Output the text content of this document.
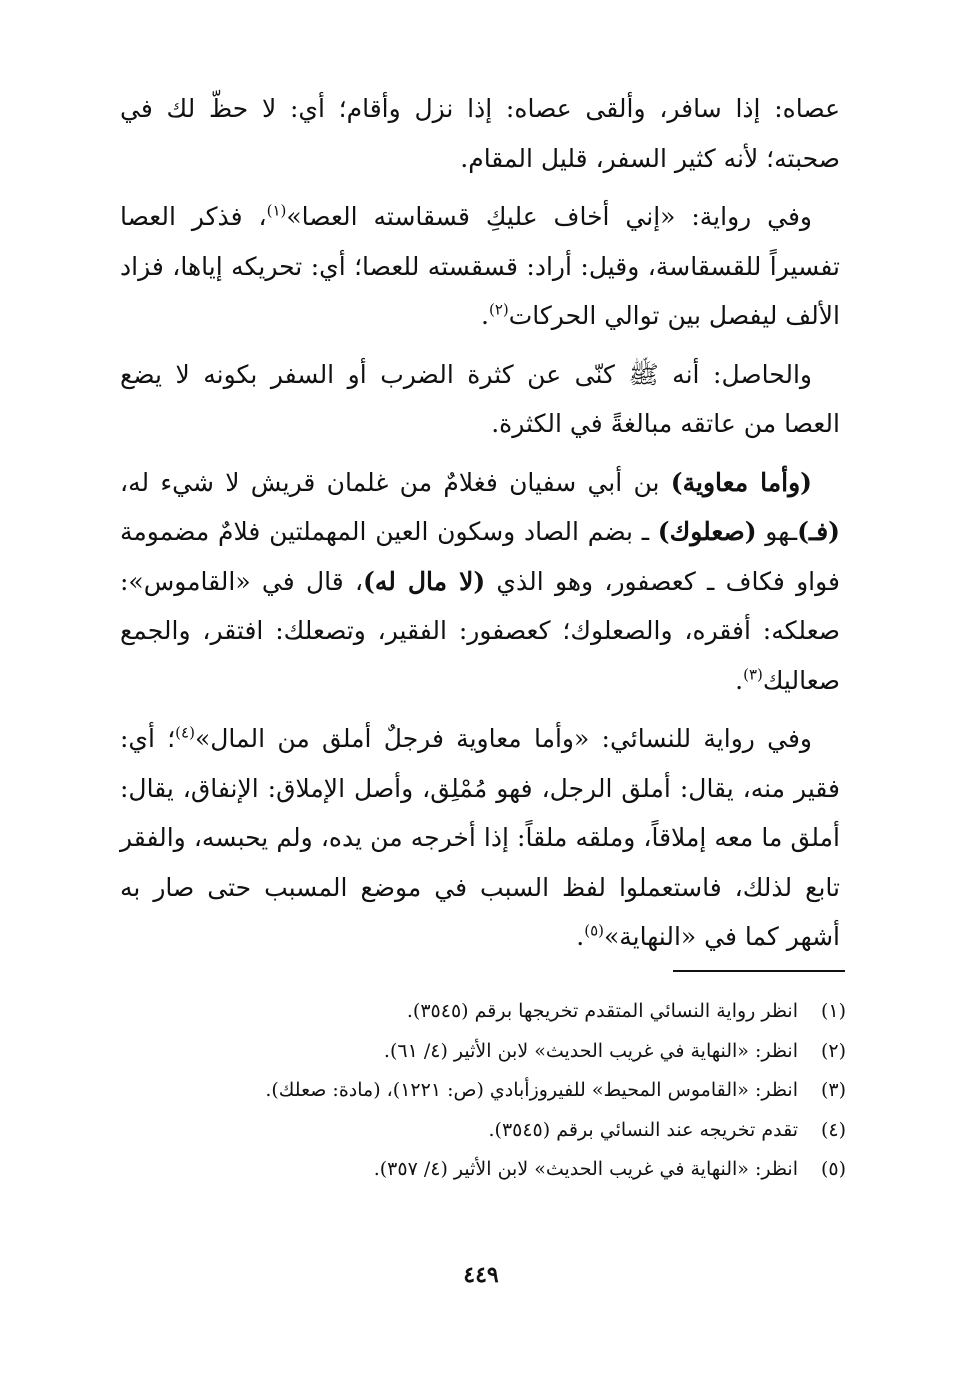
عصاه: إذا سافر، وألقى عصاه: إذا نزل وأقام؛ أي: لا حظّ لك في صحبته؛ لأنه كثير السفر، قليل المقام.

وفي رواية: «إني أخاف عليكِ قسقاسته العصا»$^{(١)}$، فذكر العصا تفسيراً للقسقاسة، وقيل: أراد: قسقسته للعصا؛ أي: تحريكه إياها، فزاد الألف ليفصل بين توالي الحركات$^{(٢)}$.

والحاصل: أنه ﷺ كنّى عن كثرة الضرب أو السفر بكونه لا يضع العصا من عاتقه مبالغةً في الكثرة.

(وأما معاوية) بن أبي سفيان فغلامٌ من غلمان قريش لا شيء له، (فـ)ـهو (صعلوك) ـ بضم الصاد وسكون العين المهملتين فلامٌ مضمومة فواو فكاف ـ كعصفور، وهو الذي (لا مال له)، قال في «القاموس»: صعلكه: أفقره، والصعلوك؛ كعصفور: الفقير، وتصعلك: افتقر، والجمع صعاليك$^{(٣)}$.

وفي رواية للنسائي: «وأما معاوية فرجلٌ أملق من المال»$^{(٤)}$؛ أي: فقير منه، يقال: أملق الرجل، فهو مُمْلِق، وأصل الإملاق: الإنفاق، يقال: أملق ما معه إملاقاً، وملقه ملقاً: إذا أخرجه من يده، ولم يحبسه، والفقر تابع لذلك، فاستعملوا لفظ السبب في موضع المسبب حتى صار به أشهر كما في «النهاية»$^{(٥)}$.

(١)انظر رواية النسائي المتقدم تخريجها برقم (٣٥٤٥).
(٢)انظر: «النهاية في غريب الحديث» لابن الأثير (٤/ ٦١).
(٣)انظر: «القاموس المحيط» للفيروزأبادي (ص: ١٢٢١)، (مادة: صعلك).
(٤)تقدم تخريجه عند النسائي برقم (٣٥٤٥).
(٥)انظر: «النهاية في غريب الحديث» لابن الأثير (٤/ ٣٥٧).
٤٤٩
